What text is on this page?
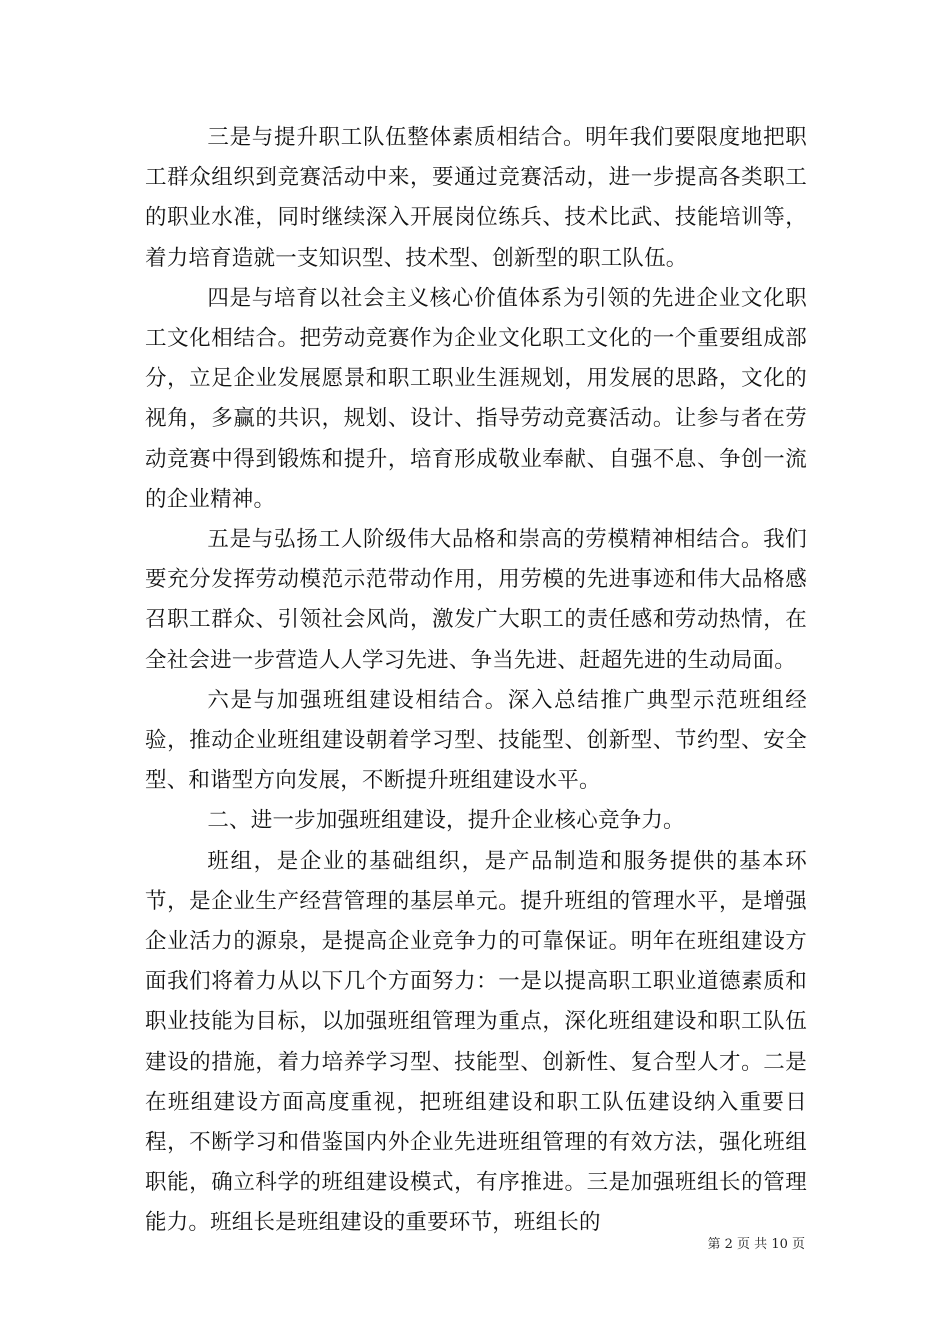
三是与提升职工队伍整体素质相结合。明年我们要限度地把职工群众组织到竞赛活动中来，要通过竞赛活动，进一步提高各类职工的职业水准，同时继续深入开展岗位练兵、技术比武、技能培训等，着力培育造就一支知识型、技术型、创新型的职工队伍。

四是与培育以社会主义核心价值体系为引领的先进企业文化职工文化相结合。把劳动竞赛作为企业文化职工文化的一个重要组成部分，立足企业发展愿景和职工职业生涯规划，用发展的思路，文化的视角，多赢的共识，规划、设计、指导劳动竞赛活动。让参与者在劳动竞赛中得到锻炼和提升，培育形成敬业奉献、自强不息、争创一流的企业精神。

五是与弘扬工人阶级伟大品格和崇高的劳模精神相结合。我们要充分发挥劳动模范示范带动作用，用劳模的先进事迹和伟大品格感召职工群众、引领社会风尚，激发广大职工的责任感和劳动热情，在全社会进一步营造人人学习先进、争当先进、赶超先进的生动局面。

六是与加强班组建设相结合。深入总结推广典型示范班组经验，推动企业班组建设朝着学习型、技能型、创新型、节约型、安全型、和谐型方向发展，不断提升班组建设水平。

二、进一步加强班组建设，提升企业核心竞争力。

班组，是企业的基础组织，是产品制造和服务提供的基本环节，是企业生产经营管理的基层单元。提升班组的管理水平，是增强企业活力的源泉，是提高企业竞争力的可靠保证。明年在班组建设方面我们将着力从以下几个方面努力：一是以提高职工职业道德素质和职业技能为目标，以加强班组管理为重点，深化班组建设和职工队伍建设的措施，着力培养学习型、技能型、创新性、复合型人才。二是在班组建设方面高度重视，把班组建设和职工队伍建设纳入重要日程，不断学习和借鉴国内外企业先进班组管理的有效方法，强化班组职能，确立科学的班组建设模式，有序推进。三是加强班组长的管理能力。班组长是班组建设的重要环节，班组长的

第 2 页 共 10 页
